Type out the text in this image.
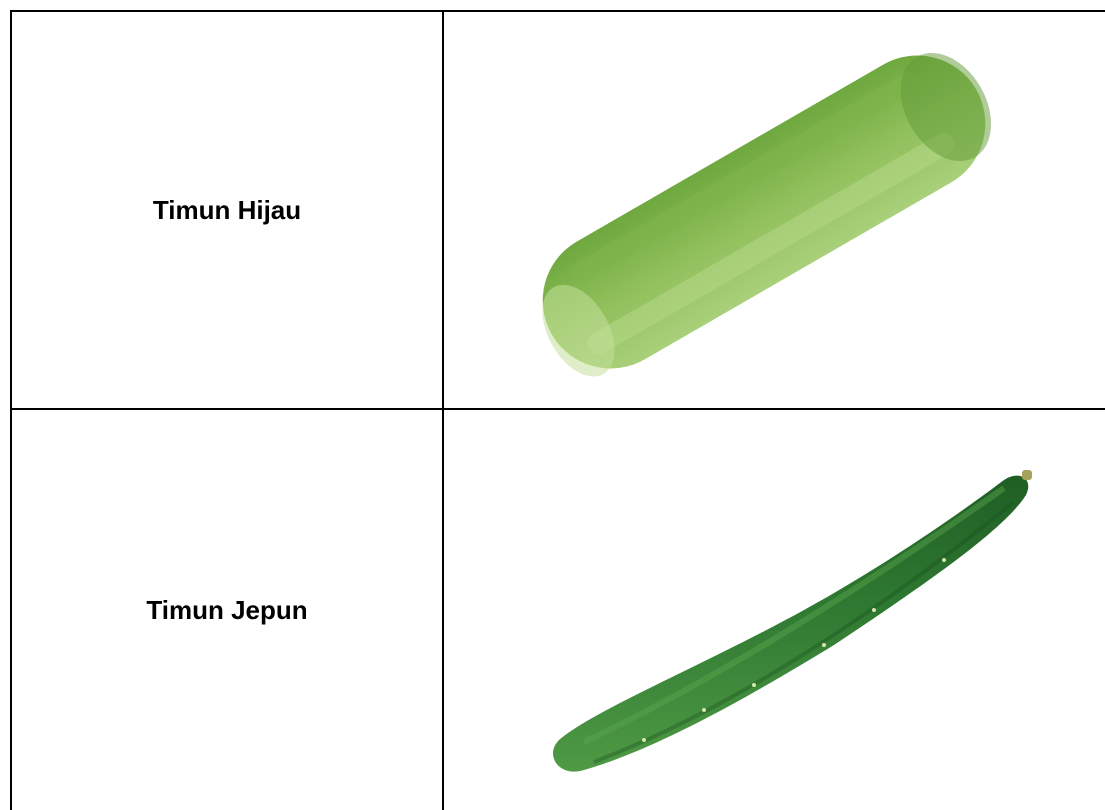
Timun Hijau
Timun Jepun
